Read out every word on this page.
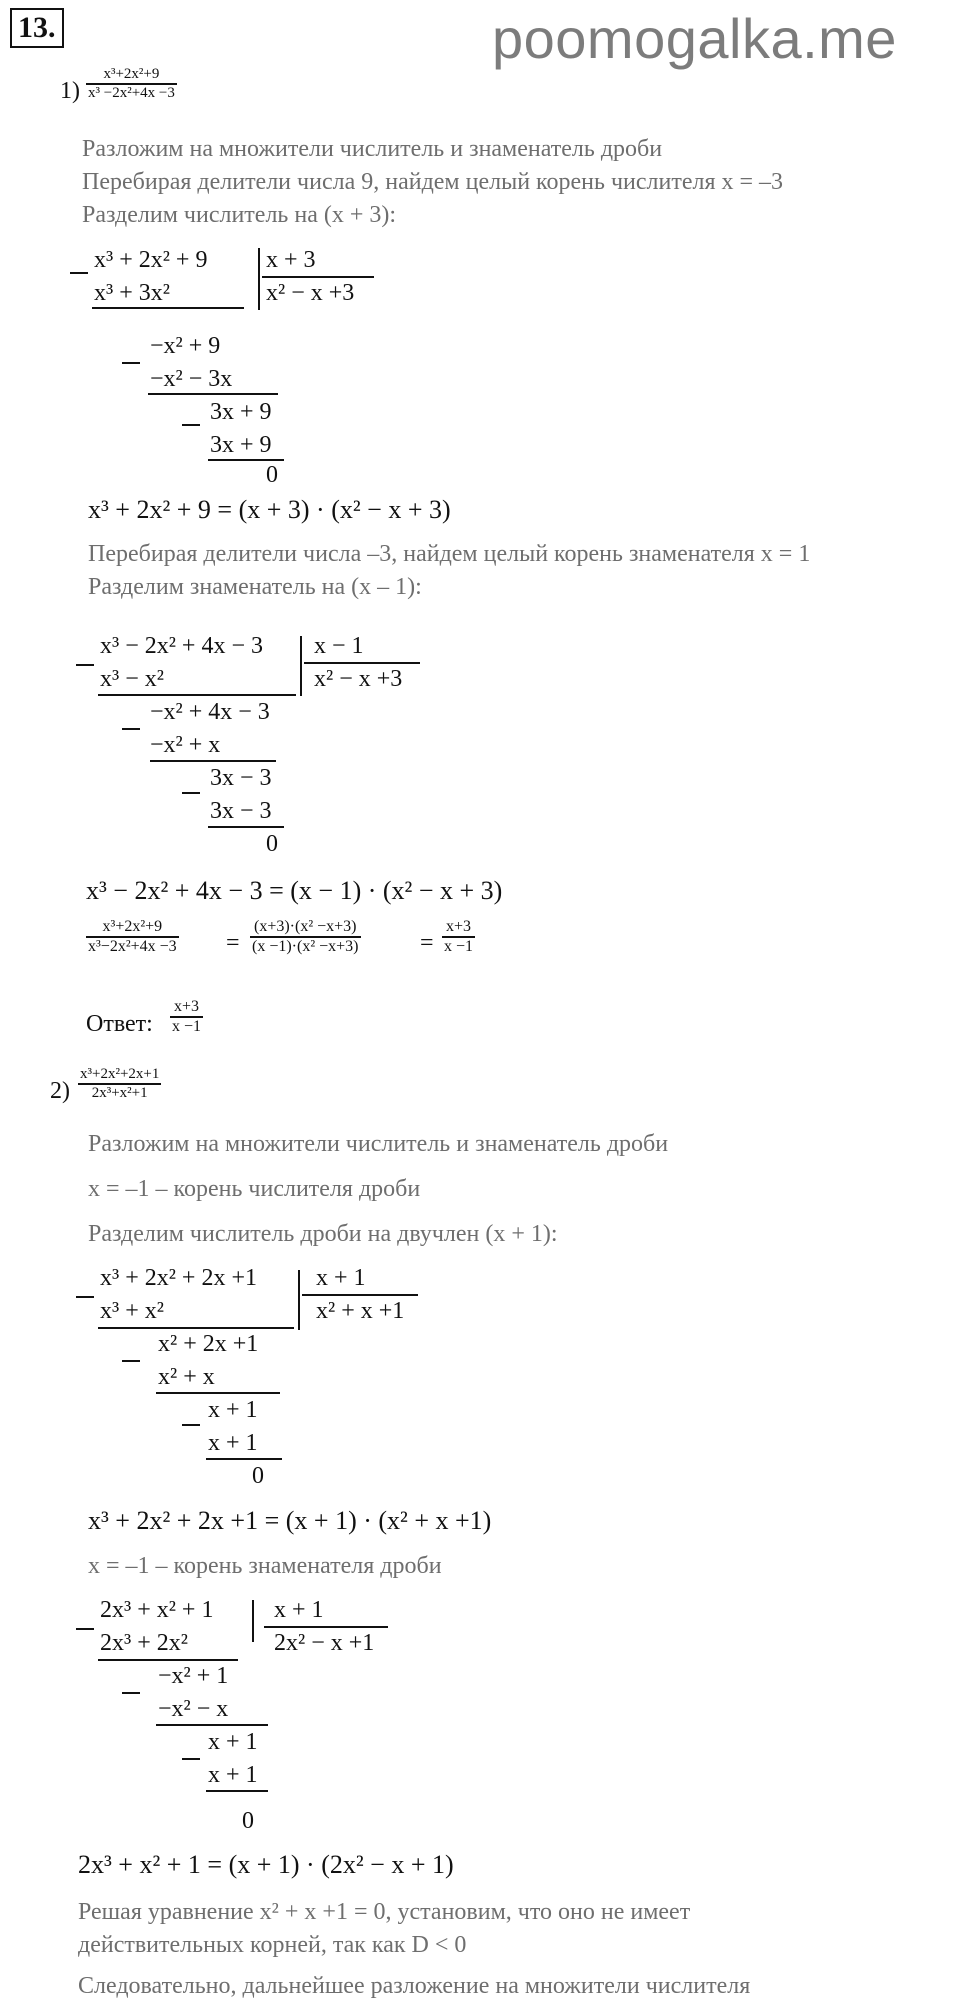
13.	poomogalka.me
$1) \frac{\text{x³+2x²+9}}{\text{x³ −2x²+4x −3}}$
Разложим на множители числитель и знаменатель дроби
Перебирая делители числа 9, найдем целый корень числителя х = –3
Разделим числитель на (х + 3):
x³ + 2x² + 9 x + 3
x² − x +3
x³ + 3x²
−x² + 9
−x² − 3x
3x + 9
3x + 9
0
x³ + 2x² + 9 = (x + 3) · (x² − x + 3)
Перебирая делители числа –3, найдем целый корень знаменателя х = 1
Разделим знаменатель на (х – 1):
x³ − 2x² + 4x − 3 x − 1
x² − x +3
x³ − x²
−x² + 4x − 3
−x² + x
3x − 3
3x − 3
0
x³ − 2x² + 4x − 3 = (x − 1) · (x² − x + 3)
$\frac{\text{x³+2x²+9}}{\text{x³−2x²+4x −3}} = \frac{\text{(x+3)·(x² −x+3)}}{\text{(x −1)·(x² −x+3)}} = \frac{x+3}{x -1}$
Ответ: $\frac{x+3}{x -1}$
$2) \frac{\text{x³+2x²+2x+1}}{\text{2x³+x²+1}}$
Разложим на множители числитель и знаменатель дроби
х = –1 – корень числителя дроби
Разделим числитель дроби на двучлен (х + 1):
x³ + 2x² + 2x +1 x + 1
x² + x +1
x³ + x²
x² + 2x +1
x² + x
x + 1
x + 1
0
x³ + 2x² + 2x +1 = (x + 1) · (x² + x +1)
х = –1 – корень знаменателя дроби
2x³ + x² + 1	x + 1
2x² − x +1
2x³ + 2x²
−x² + 1
−x² − x
x + 1
x + 1
0
2x³ + x² + 1 = (x + 1) · (2x² − x + 1)
Решая уравнение x² + x +1 = 0, установим, что оно не имеет
действительных корней, так как D < 0
Следовательно, дальнейшее разложение на множители числителя
